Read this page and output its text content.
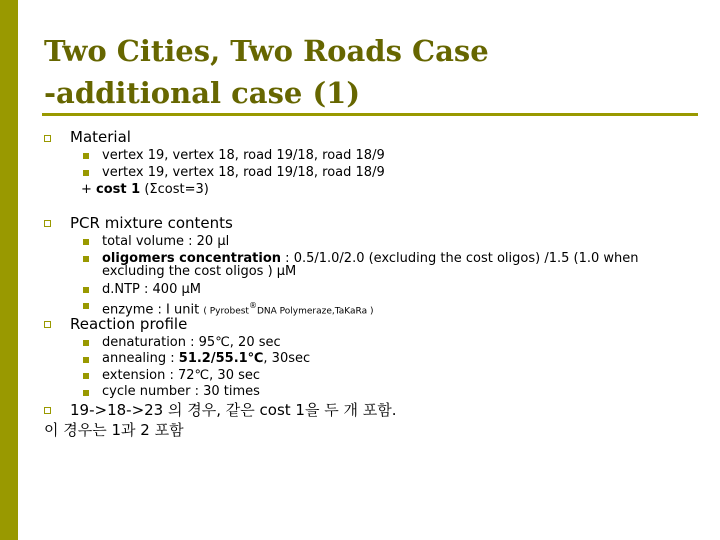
Two Cities, Two Roads Case
-additional case (1)
Material
vertex 19, vertex 18, road 19/18, road 18/9
vertex 19, vertex 18, road 19/18, road 18/9
+ cost 1 (Σcost=3)
PCR mixture contents
total volume : 20 μl
oligomers concentration : 0.5/1.0/2.0 (excluding the cost oligos) /1.5 (1.0 when
excluding the cost oligos ) μM
d.NTP : 400 μM
enzyme : I unit ( Pyrobest®DNA Polymeraze,TaKaRa )
Reaction profile
denaturation : 95℃, 20 sec
annealing : 51.2/55.1℃, 30sec
extension : 72℃, 30 sec
cycle number : 30 times
19->18->23 의 경우, 같은 cost 1을 두 개 포함.
이 경우는 1과 2 포함
